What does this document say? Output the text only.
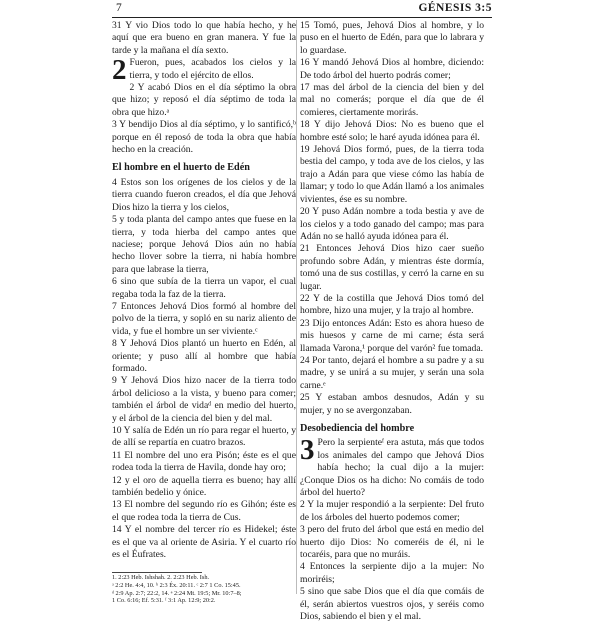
7	GÉNESIS 3:5

31 Y vio Dios todo lo que había hecho, y he aquí que era bueno en gran manera. Y fue la tarde y la mañana el día sexto.

2 Fueron, pues, acabados los cielos y la tierra, y todo el ejército de ellos.

2 Y acabó Dios en el día séptimo la obra que hizo; y reposó el día séptimo de toda la obra que hizo.ᵃ

3 Y bendijo Dios al día séptimo, y lo santificó,ᵇ porque en él reposó de toda la obra que había hecho en la creación.

El hombre en el huerto de Edén

4 Estos son los orígenes de los cielos y de la tierra cuando fueron creados, el día que Jehová Dios hizo la tierra y los cielos,

5 y toda planta del campo antes que fuese en la tierra, y toda hierba del campo antes que naciese; porque Jehová Dios aún no había hecho llover sobre la tierra, ni había hombre para que labrase la tierra,

6 sino que subía de la tierra un vapor, el cual regaba toda la faz de la tierra.

7 Entonces Jehová Dios formó al hombre del polvo de la tierra, y sopló en su nariz aliento de vida, y fue el hombre un ser viviente.ᶜ

8 Y Jehová Dios plantó un huerto en Edén, al oriente; y puso allí al hombre que había formado.

9 Y Jehová Dios hizo nacer de la tierra todo árbol delicioso a la vista, y bueno para comer; también el árbol de vidaᵈ en medio del huerto, y el árbol de la ciencia del bien y del mal.

10 Y salía de Edén un río para regar el huerto, y de allí se repartía en cuatro brazos.

11 El nombre del uno era Pisón; éste es el que rodea toda la tierra de Havila, donde hay oro;

12 y el oro de aquella tierra es bueno; hay allí también bedelio y ónice.

13 El nombre del segundo río es Gihón; éste es el que rodea toda la tierra de Cus.

14 Y el nombre del tercer río es Hidekel; éste es el que va al oriente de Asiria. Y el cuarto río es el Éufrates.

1. 2:23 Heb. Ishshah. 2. 2:23 Heb. Ish.
ᵃ 2:2 He. 4:4, 10. ᵇ 2:3 Éx. 20:11. ᶜ 2:7 1 Co. 15:45.
ᵈ 2:9 Ap. 2:7; 22:2, 14. ᵉ 2:24 Mt. 19:5; Mr. 10:7–8;
1 Co. 6:16; Ef. 5:31. ᶠ 3:1 Ap. 12:9; 20:2.

15 Tomó, pues, Jehová Dios al hombre, y lo puso en el huerto de Edén, para que lo labrara y lo guardase.

16 Y mandó Jehová Dios al hombre, diciendo: De todo árbol del huerto podrás comer;

17 mas del árbol de la ciencia del bien y del mal no comerás; porque el día que de él comieres, ciertamente morirás.

18 Y dijo Jehová Dios: No es bueno que el hombre esté solo; le haré ayuda idónea para él.

19 Jehová Dios formó, pues, de la tierra toda bestia del campo, y toda ave de los cielos, y las trajo a Adán para que viese cómo las había de llamar; y todo lo que Adán llamó a los animales vivientes, ése es su nombre.

20 Y puso Adán nombre a toda bestia y ave de los cielos y a todo ganado del campo; mas para Adán no se halló ayuda idónea para él.

21 Entonces Jehová Dios hizo caer sueño profundo sobre Adán, y mientras éste dormía, tomó una de sus costillas, y cerró la carne en su lugar.

22 Y de la costilla que Jehová Dios tomó del hombre, hizo una mujer, y la trajo al hombre.

23 Dijo entonces Adán: Esto es ahora hueso de mis huesos y carne de mi carne; ésta será llamada Varona,¹ porque del varón² fue tomada.

24 Por tanto, dejará el hombre a su padre y a su madre, y se unirá a su mujer, y serán una sola carne.ᵉ

25 Y estaban ambos desnudos, Adán y su mujer, y no se avergonzaban.

Desobediencia del hombre

3 Pero la serpienteᶠ era astuta, más que todos los animales del campo que Jehová Dios había hecho; la cual dijo a la mujer: ¿Conque Dios os ha dicho: No comáis de todo árbol del huerto?

2 Y la mujer respondió a la serpiente: Del fruto de los árboles del huerto podemos comer;

3 pero del fruto del árbol que está en medio del huerto dijo Dios: No comeréis de él, ni le tocaréis, para que no muráis.

4 Entonces la serpiente dijo a la mujer: No moriréis;

5 sino que sabe Dios que el día que comáis de él, serán abiertos vuestros ojos, y seréis como Dios, sabiendo el bien y el mal.
